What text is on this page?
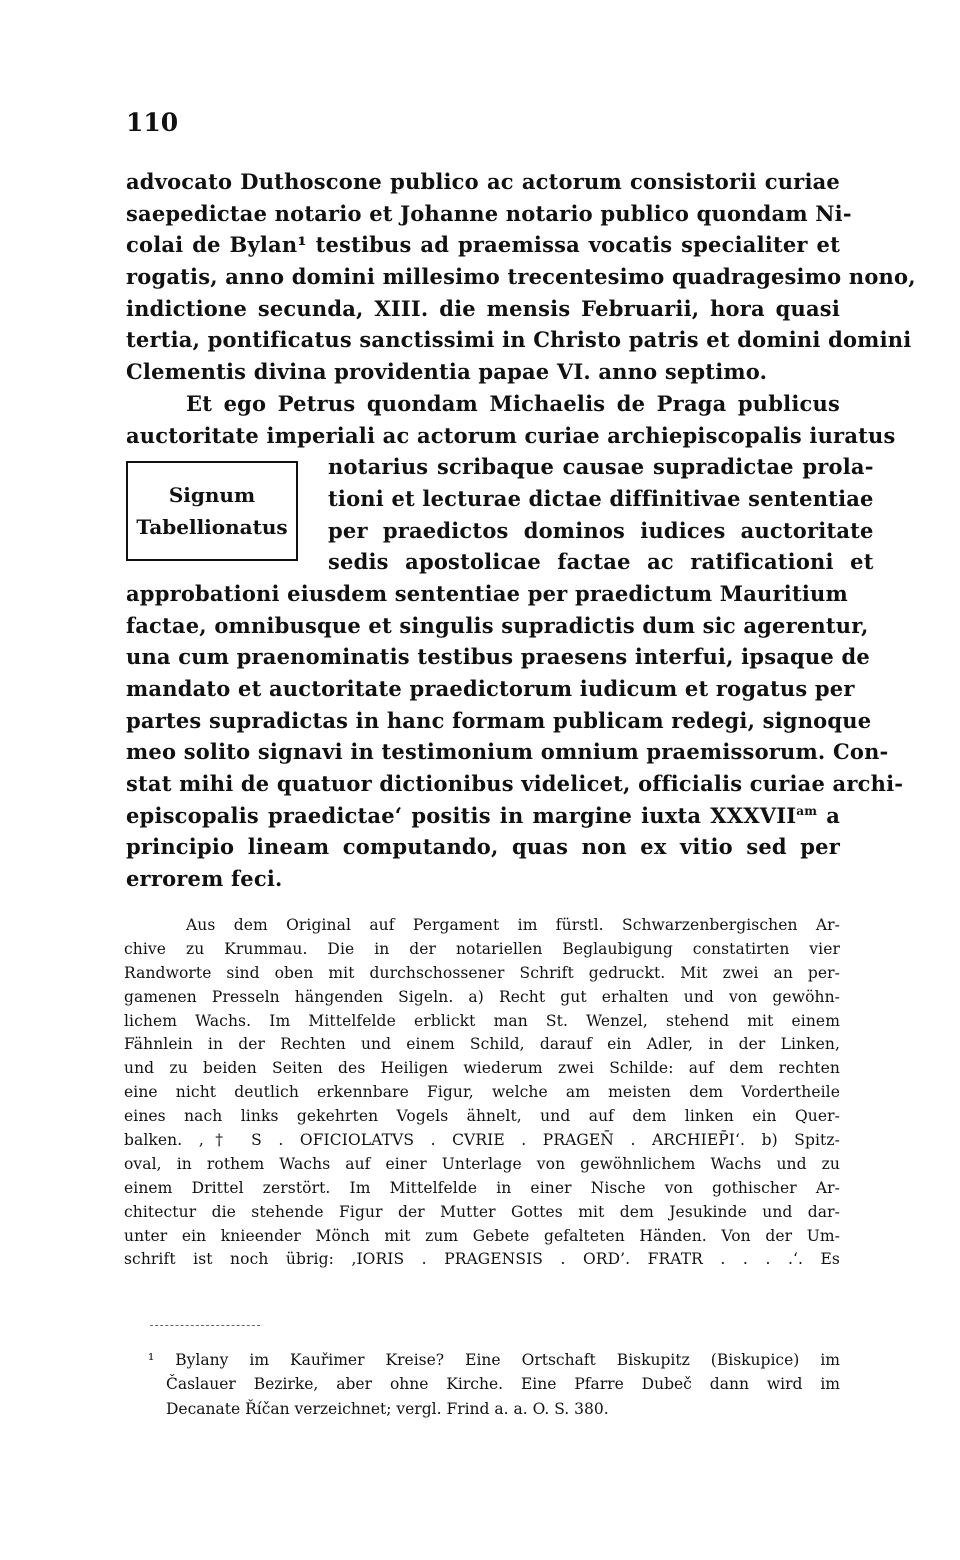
110
advocato Duthoscone publico ac actorum consistorii curiae
saepedictae notario et Johanne notario publico quondam Ni-
colai de Bylan¹ testibus ad praemissa vocatis specialiter et
rogatis, anno domini millesimo trecentesimo quadragesimo nono,
indictione secunda, XIII. die mensis Februarii, hora quasi
tertia, pontificatus sanctissimi in Christo patris et domini domini
Clementis divina providentia papae VI. anno septimo.
Et ego Petrus quondam Michaelis de Praga publicus
auctoritate imperiali ac actorum curiae archiepiscopalis iuratus
Signum
Tabellionatus
notarius scribaque causae supradictae prola-
tioni et lecturae dictae diffinitivae sententiae
per praedictos dominos iudices auctoritate
sedis apostolicae factae ac ratificationi et
approbationi eiusdem sententiae per praedictum Mauritium
factae, omnibusque et singulis supradictis dum sic agerentur,
una cum praenominatis testibus praesens interfui, ipsaque de
mandato et auctoritate praedictorum iudicum et rogatus per
partes supradictas in hanc formam publicam redegi, signoque
meo solito signavi in testimonium omnium praemissorum. Con-
stat mihi de quatuor dictionibus videlicet, officialis curiae archi-
episcopalis praedictae‘ positis in margine iuxta $XXXVII^{am}$ a
principio lineam computando, quas non ex vitio sed per
errorem feci.
Aus dem Original auf Pergament im fürstl. Schwarzenbergischen Ar-
chive zu Krummau. Die in der notariellen Beglaubigung constatirten vier
Randworte sind oben mit durchschossener Schrift gedruckt. Mit zwei an per-
gamenen Presseln hängenden Sigeln. a) Recht gut erhalten und von gewöhn-
lichem Wachs. Im Mittelfelde erblickt man St. Wenzel, stehend mit einem
Fähnlein in der Rechten und einem Schild, darauf ein Adler, in der Linken,
und zu beiden Seiten des Heiligen wiederum zwei Schilde: auf dem rechten
eine nicht deutlich erkennbare Figur, welche am meisten dem Vordertheile
eines nach links gekehrten Vogels ähnelt, und auf dem linken ein Quer-
balken. ‚† S . OFICIOLATVS . CVRIE . PRAGEN̄ . ARCHIEP̄I‘. b) Spitz-
oval, in rothem Wachs auf einer Unterlage von gewöhnlichem Wachs und zu
einem Drittel zerstört. Im Mittelfelde in einer Nische von gothischer Ar-
chitectur die stehende Figur der Mutter Gottes mit dem Jesukinde und dar-
unter ein knieender Mönch mit zum Gebete gefalteten Händen. Von der Um-
schrift ist noch übrig: ‚IORIS . PRAGENSIS . ORD’. FRATR . . . .‘. Es
¹ Bylany im Kauřimer Kreise? Eine Ortschaft Biskupitz (Biskupice) im
Časlauer Bezirke, aber ohne Kirche. Eine Pfarre Dubeč dann wird im
Decanate Říčan verzeichnet; vergl. Frind a. a. O. S. 380.
